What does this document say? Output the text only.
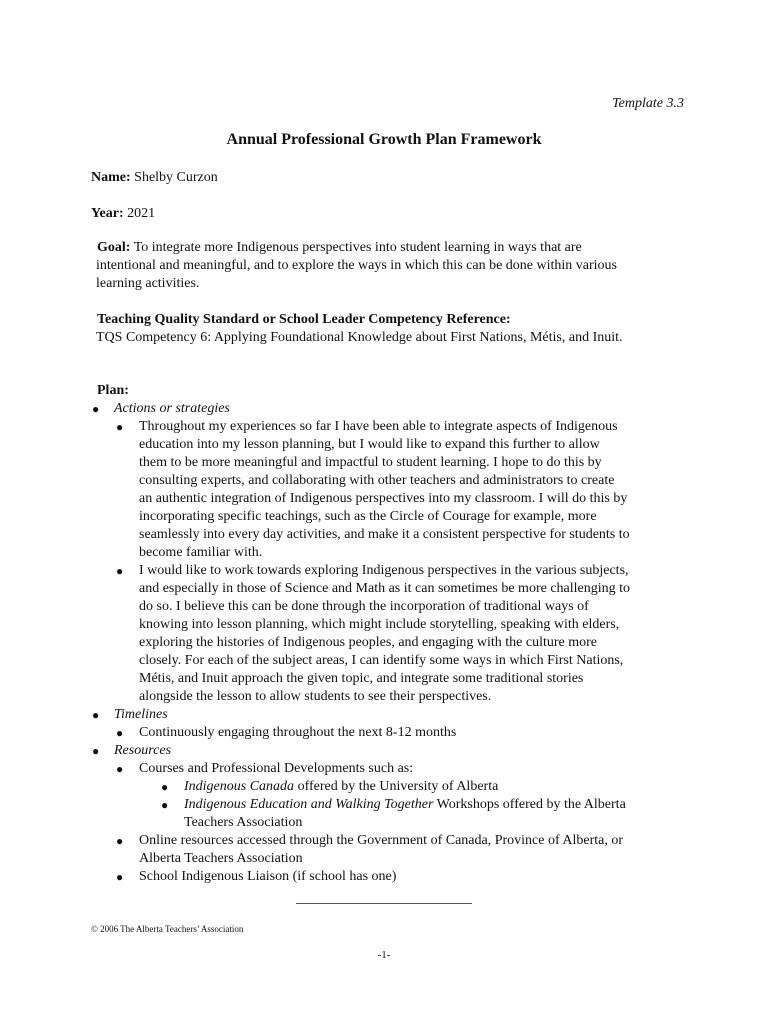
Template 3.3
Annual Professional Growth Plan Framework
Name: Shelby Curzon
Year: 2021
Goal: To integrate more Indigenous perspectives into student learning in ways that are
intentional and meaningful, and to explore the ways in which this can be done within various
learning activities.
Teaching Quality Standard or School Leader Competency Reference:
TQS Competency 6: Applying Foundational Knowledge about First Nations, Métis, and Inuit.
Plan:
● Actions or strategies
● Throughout my experiences so far I have been able to integrate aspects of Indigenous
education into my lesson planning, but I would like to expand this further to allow
them to be more meaningful and impactful to student learning. I hope to do this by
consulting experts, and collaborating with other teachers and administrators to create
an authentic integration of Indigenous perspectives into my classroom. I will do this by
incorporating specific teachings, such as the Circle of Courage for example, more
seamlessly into every day activities, and make it a consistent perspective for students to
become familiar with.
● I would like to work towards exploring Indigenous perspectives in the various subjects,
and especially in those of Science and Math as it can sometimes be more challenging to
do so. I believe this can be done through the incorporation of traditional ways of
knowing into lesson planning, which might include storytelling, speaking with elders,
exploring the histories of Indigenous peoples, and engaging with the culture more
closely. For each of the subject areas, I can identify some ways in which First Nations,
Métis, and Inuit approach the given topic, and integrate some traditional stories
alongside the lesson to allow students to see their perspectives.
● Timelines
● Continuously engaging throughout the next 8-12 months
● Resources
● Courses and Professional Developments such as:
● Indigenous Canada offered by the University of Alberta
● Indigenous Education and Walking Together Workshops offered by the Alberta
Teachers Association
● Online resources accessed through the Government of Canada, Province of Alberta, or
Alberta Teachers Association
● School Indigenous Liaison (if school has one)
© 2006 The Alberta Teachers’ Association
-1-
